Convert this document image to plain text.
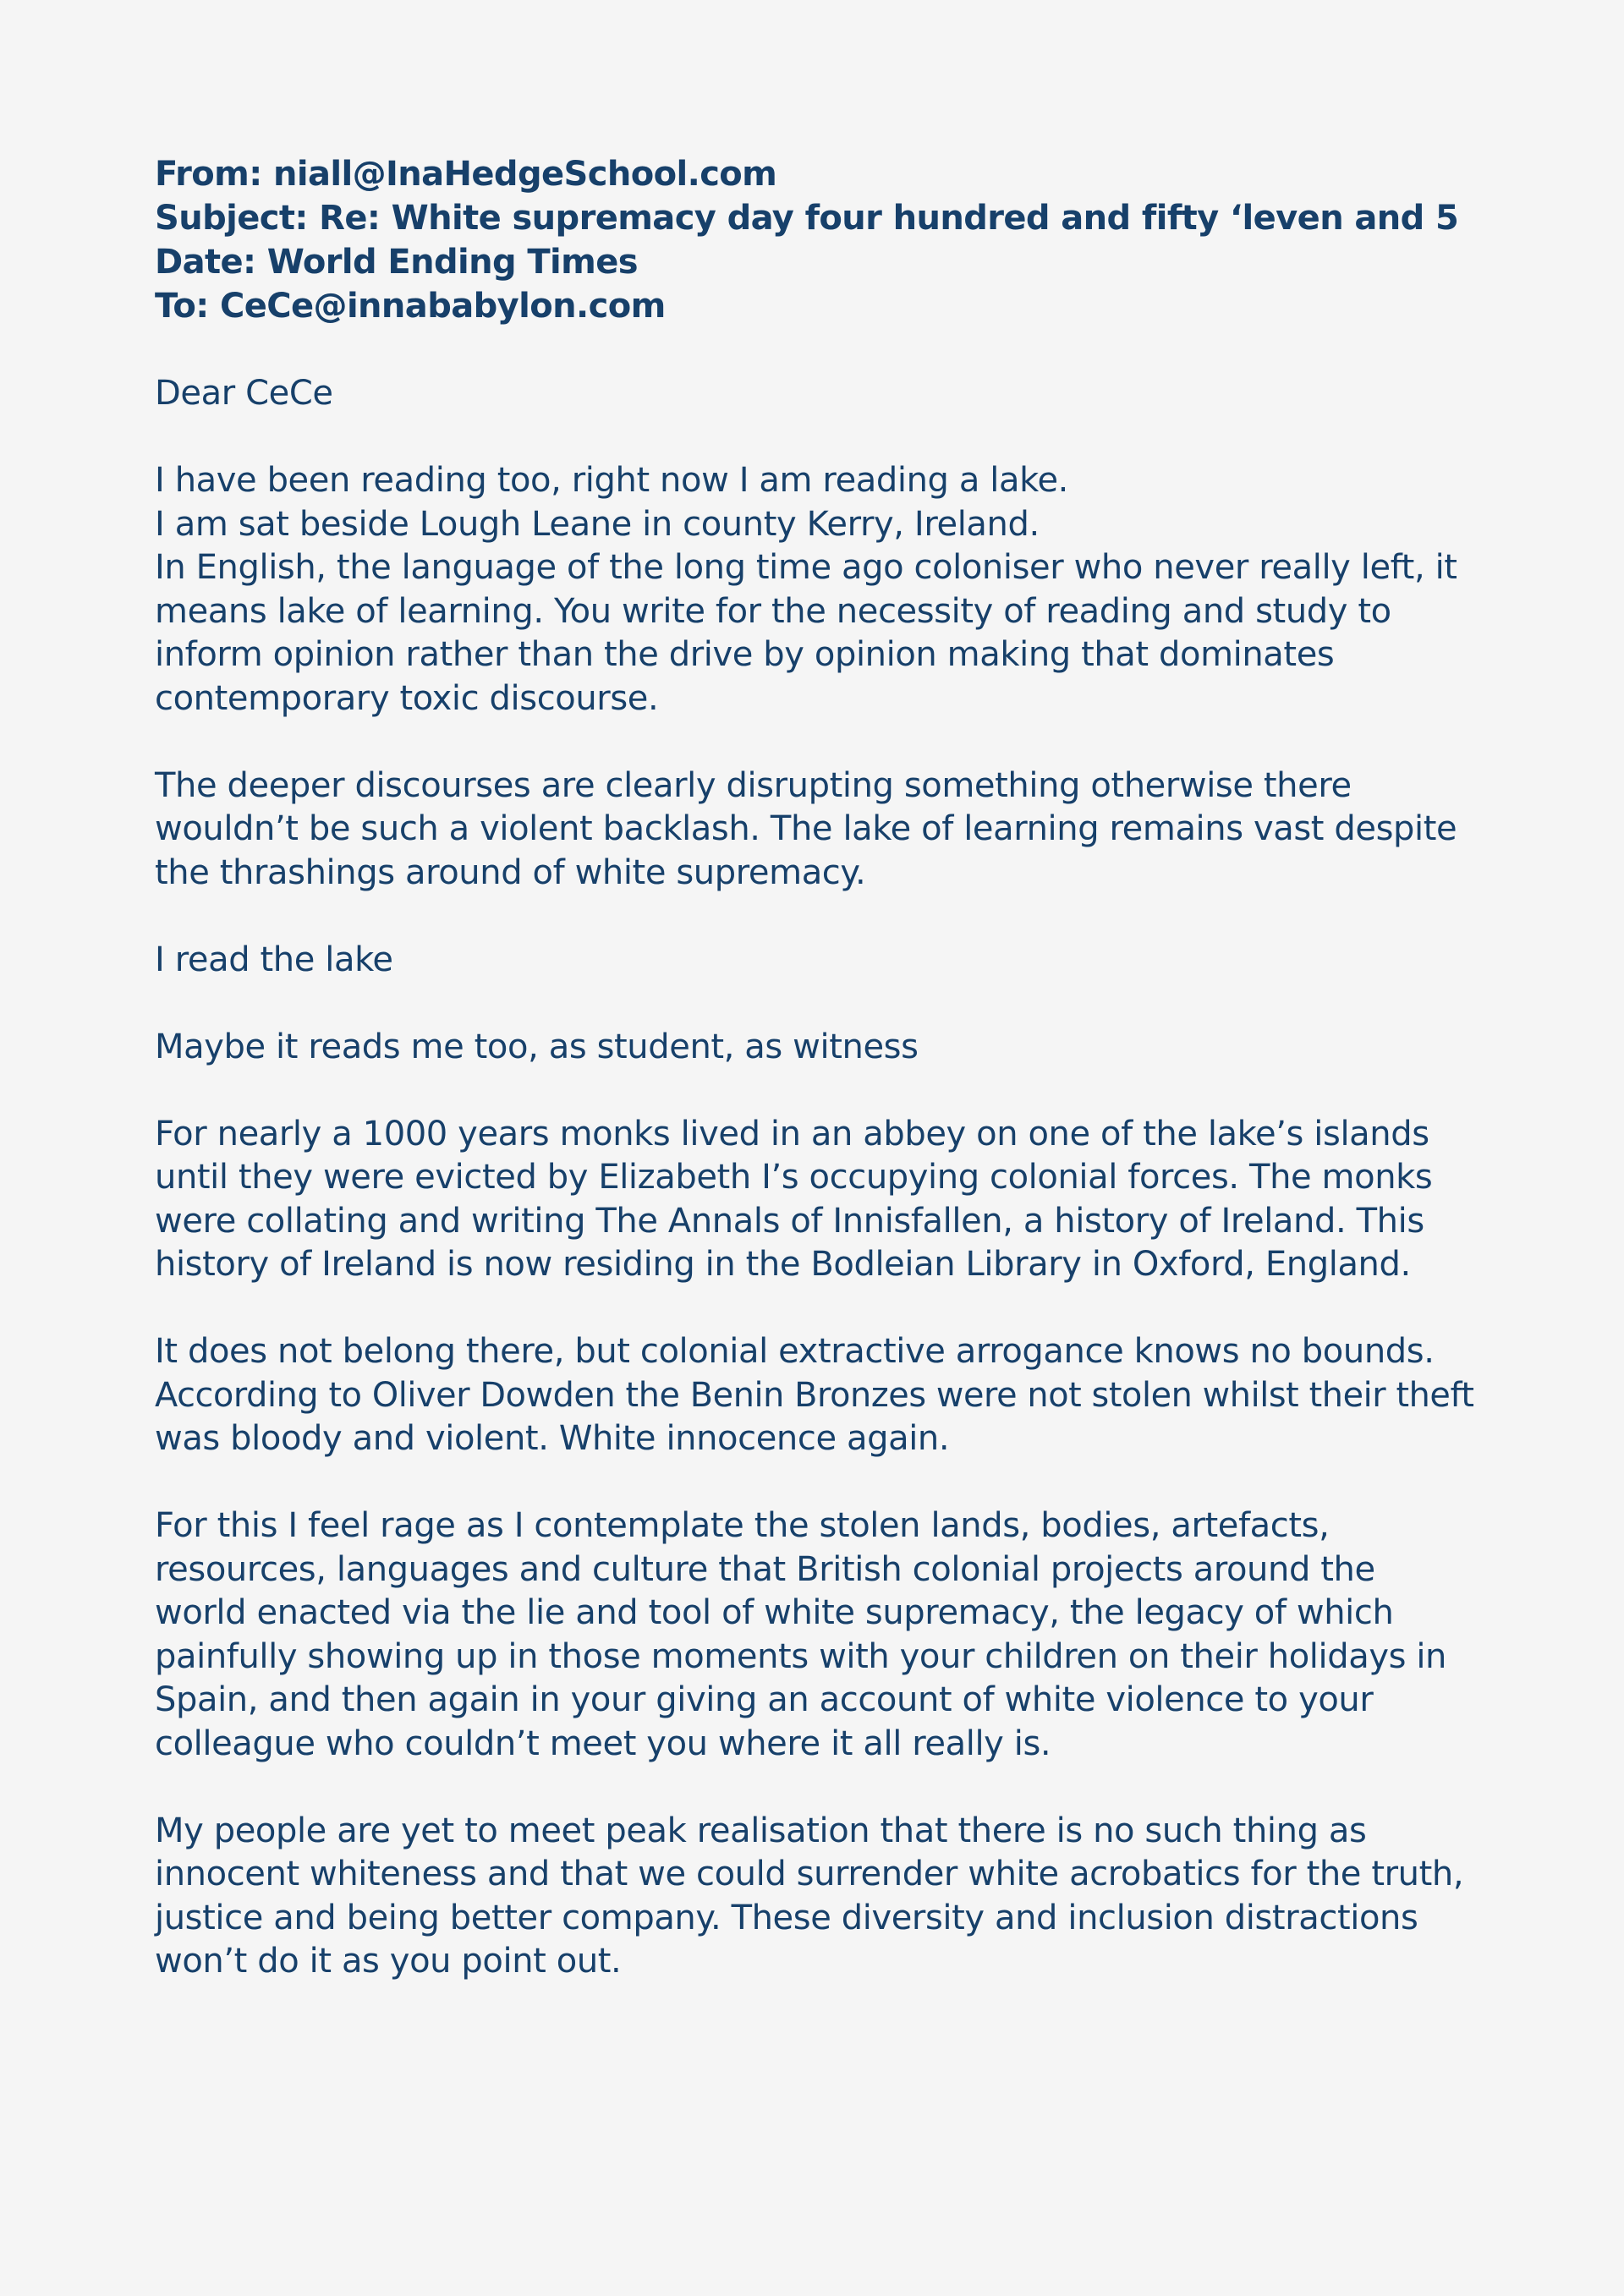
From: niall@InaHedgeSchool.com
Subject: Re: White supremacy day four hundred and fifty ‘leven and 5
Date: World Ending Times
To: CeCe@innababylon.com
Dear CeCe
I have been reading too, right now I am reading a lake.
I am sat beside Lough Leane in county Kerry, Ireland.
In English, the language of the long time ago coloniser who never really left, it
means lake of learning. You write for the necessity of reading and study to
inform opinion rather than the drive by opinion making that dominates
contemporary toxic discourse.
The deeper discourses are clearly disrupting something otherwise there
wouldn’t be such a violent backlash. The lake of learning remains vast despite
the thrashings around of white supremacy.
I read the lake
Maybe it reads me too, as student, as witness
For nearly a 1000 years monks lived in an abbey on one of the lake’s islands
until they were evicted by Elizabeth I’s occupying colonial forces. The monks
were collating and writing The Annals of Innisfallen, a history of Ireland. This
history of Ireland is now residing in the Bodleian Library in Oxford, England.
It does not belong there, but colonial extractive arrogance knows no bounds.
According to Oliver Dowden the Benin Bronzes were not stolen whilst their theft
was bloody and violent. White innocence again.
For this I feel rage as I contemplate the stolen lands, bodies, artefacts,
resources, languages and culture that British colonial projects around the
world enacted via the lie and tool of white supremacy, the legacy of which
painfully showing up in those moments with your children on their holidays in
Spain, and then again in your giving an account of white violence to your
colleague who couldn’t meet you where it all really is.
My people are yet to meet peak realisation that there is no such thing as
innocent whiteness and that we could surrender white acrobatics for the truth,
justice and being better company. These diversity and inclusion distractions
won’t do it as you point out.
